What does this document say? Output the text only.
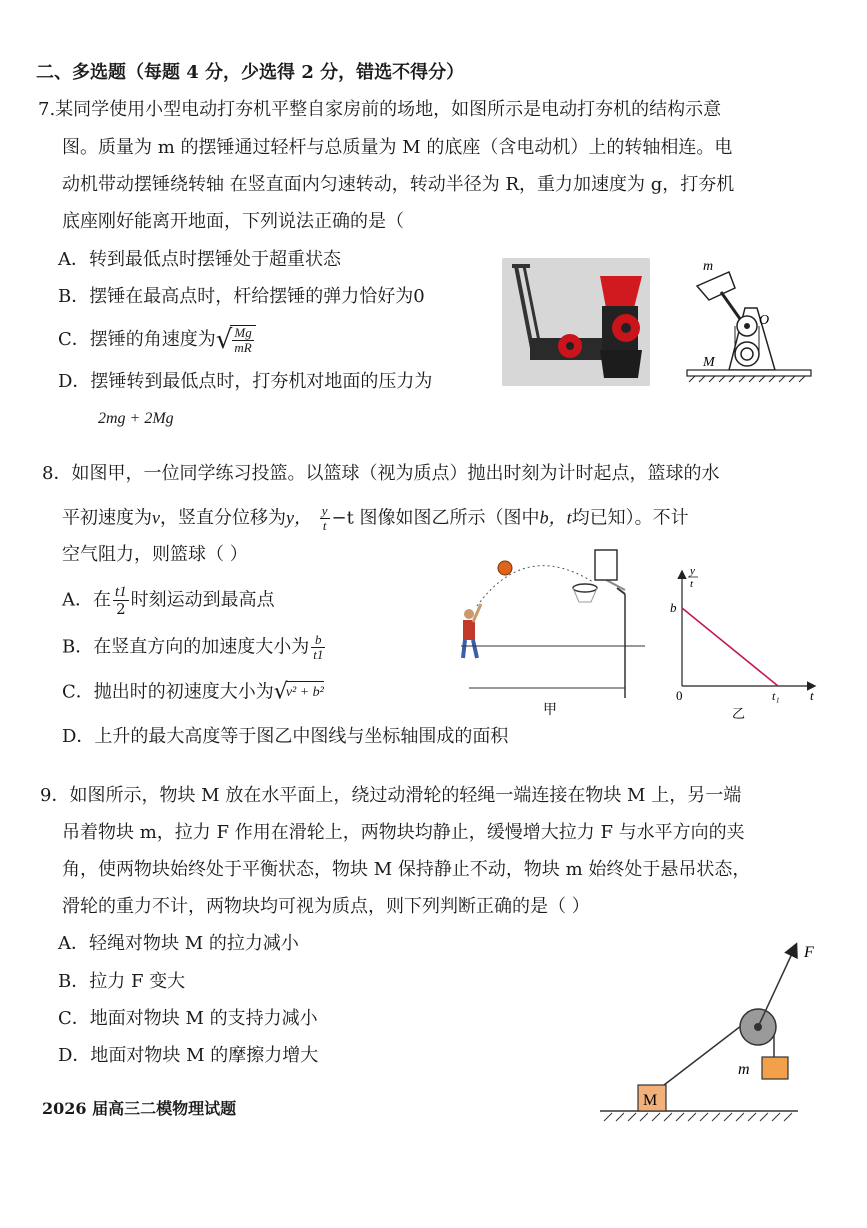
二、多选题（每题 4 分，少选得 2 分，错选不得分）
7.某同学使用小型电动打夯机平整自家房前的场地，如图所示是电动打夯机的结构示意
图。质量为 m 的摆锤通过轻杆与总质量为 M 的底座（含电动机）上的转轴相连。电
动机带动摆锤绕转轴 在竖直面内匀速转动，转动半径为 R，重力加速度为 g，打夯机
底座刚好能离开地面，下列说法正确的是（
A．转到最低点时摆锤处于超重状态
B．摆锤在最高点时，杆给摆锤的弹力恰好为0
C．摆锤的角速度为√ $\frac{Mg}{mR}$
D．摆锤转到最低点时，打夯机对地面的压力为
2mg + 2Mg
m
O
M
8．如图甲，一位同学练习投篮。以篮球（视为质点）抛出时刻为计时起点，篮球的水
平初速度为v，竖直分位移为y， $\frac{y}{t} -t$ 图像如图乙所示（图中b，t均已知）。不计
空气阻力，则篮球（ ）
A．在 $\frac{t1}{2}$ 时刻运动到最高点
B．在竖直方向的加速度大小为 $\frac{b}{t1}$
C．抛出时的初速度大小为√v² + b²
D．上升的最大高度等于图乙中图线与坐标轴围成的面积
甲
y
t
b
0	t₁ t
乙
9．如图所示，物块 M 放在水平面上，绕过动滑轮的轻绳一端连接在物块 M 上，另一端
吊着物块 m，拉力 F 作用在滑轮上，两物块均静止，缓慢增大拉力 F 与水平方向的夹
角，使两物块始终处于平衡状态，物块 M 保持静止不动，物块 m 始终处于悬吊状态，
滑轮的重力不计，两物块均可视为质点，则下列判断正确的是（ ）
A．轻绳对物块 M 的拉力减小
B．拉力 F 变大
C．地面对物块 M 的支持力减小
D．地面对物块 M 的摩擦力增大
M
F
m
2026 届高三二模物理试题
